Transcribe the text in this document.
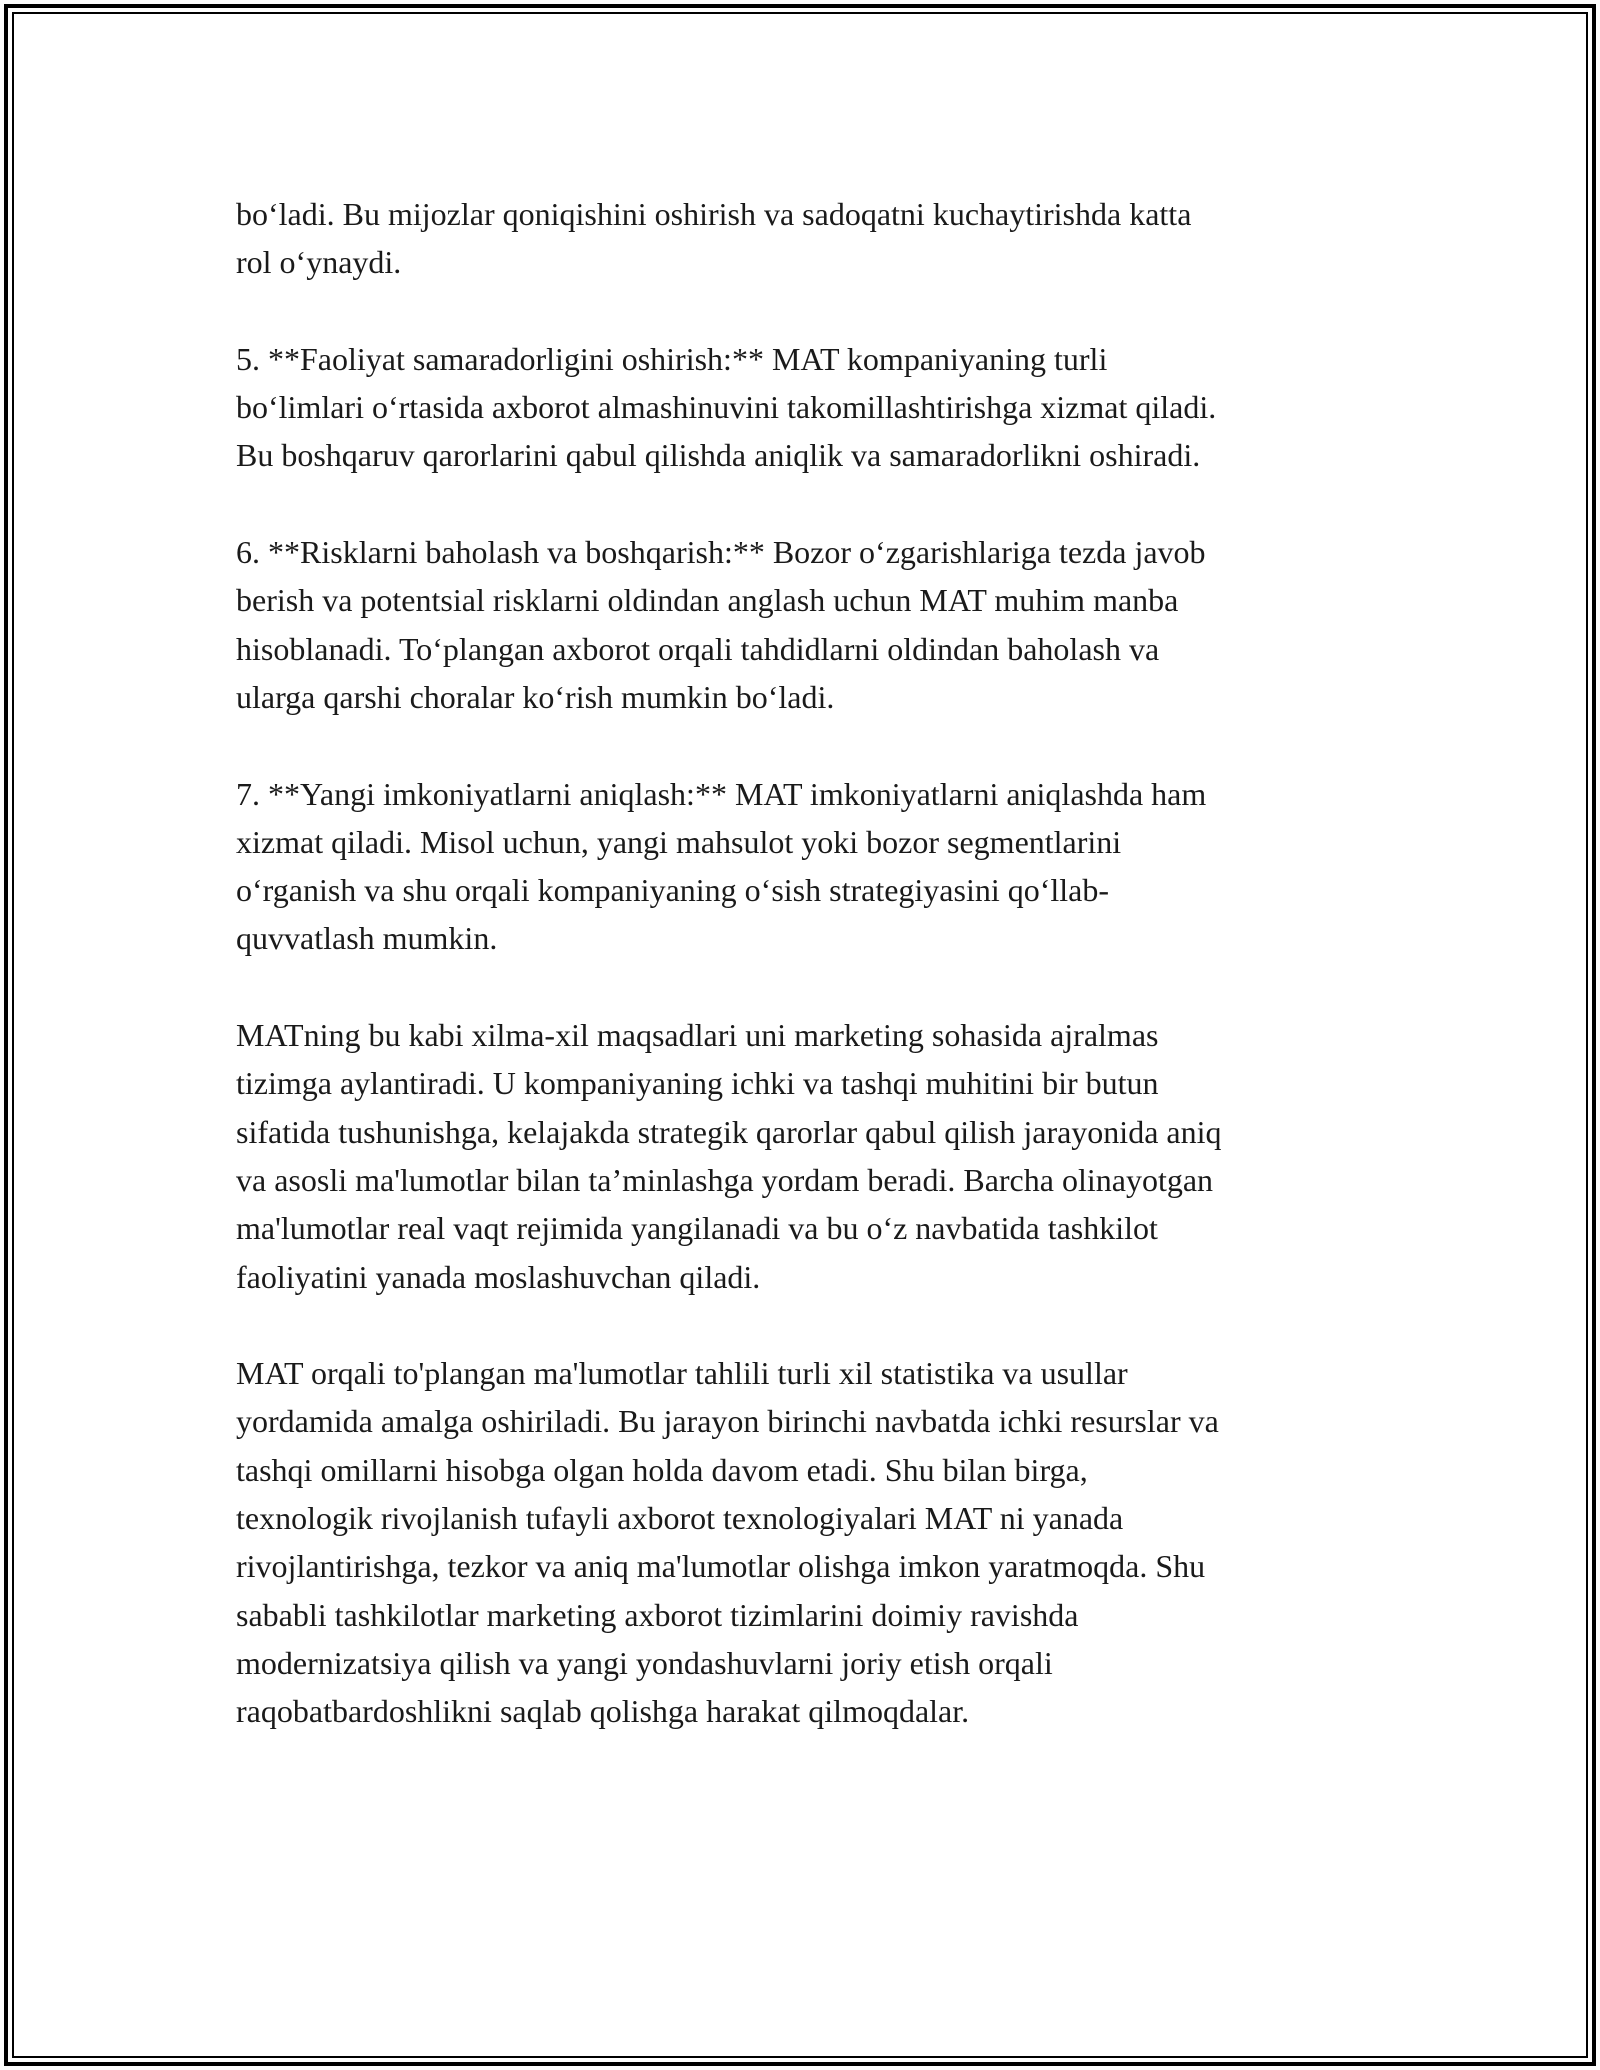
bo‘ladi. Bu mijozlar qoniqishini oshirish va sadoqatni kuchaytirishda katta
rol o‘ynaydi.

5. **Faoliyat samaradorligini oshirish:** MAT kompaniyaning turli
bo‘limlari o‘rtasida axborot almashinuvini takomillashtirishga xizmat qiladi.
Bu boshqaruv qarorlarini qabul qilishda aniqlik va samaradorlikni oshiradi.

6. **Risklarni baholash va boshqarish:** Bozor o‘zgarishlariga tezda javob
berish va potentsial risklarni oldindan anglash uchun MAT muhim manba
hisoblanadi. To‘plangan axborot orqali tahdidlarni oldindan baholash va
ularga qarshi choralar ko‘rish mumkin bo‘ladi.

7. **Yangi imkoniyatlarni aniqlash:** MAT imkoniyatlarni aniqlashda ham
xizmat qiladi. Misol uchun, yangi mahsulot yoki bozor segmentlarini
o‘rganish va shu orqali kompaniyaning o‘sish strategiyasini qo‘llab-
quvvatlash mumkin.

MATning bu kabi xilma-xil maqsadlari uni marketing sohasida ajralmas
tizimga aylantiradi. U kompaniyaning ichki va tashqi muhitini bir butun
sifatida tushunishga, kelajakda strategik qarorlar qabul qilish jarayonida aniq
va asosli ma'lumotlar bilan ta’minlashga yordam beradi. Barcha olinayotgan
ma'lumotlar real vaqt rejimida yangilanadi va bu o‘z navbatida tashkilot
faoliyatini yanada moslashuvchan qiladi.

MAT orqali to'plangan ma'lumotlar tahlili turli xil statistika va usullar
yordamida amalga oshiriladi. Bu jarayon birinchi navbatda ichki resurslar va
tashqi omillarni hisobga olgan holda davom etadi. Shu bilan birga,
texnologik rivojlanish tufayli axborot texnologiyalari MAT ni yanada
rivojlantirishga, tezkor va aniq ma'lumotlar olishga imkon yaratmoqda. Shu
sababli tashkilotlar marketing axborot tizimlarini doimiy ravishda
modernizatsiya qilish va yangi yondashuvlarni joriy etish orqali
raqobatbardoshlikni saqlab qolishga harakat qilmoqdalar.
